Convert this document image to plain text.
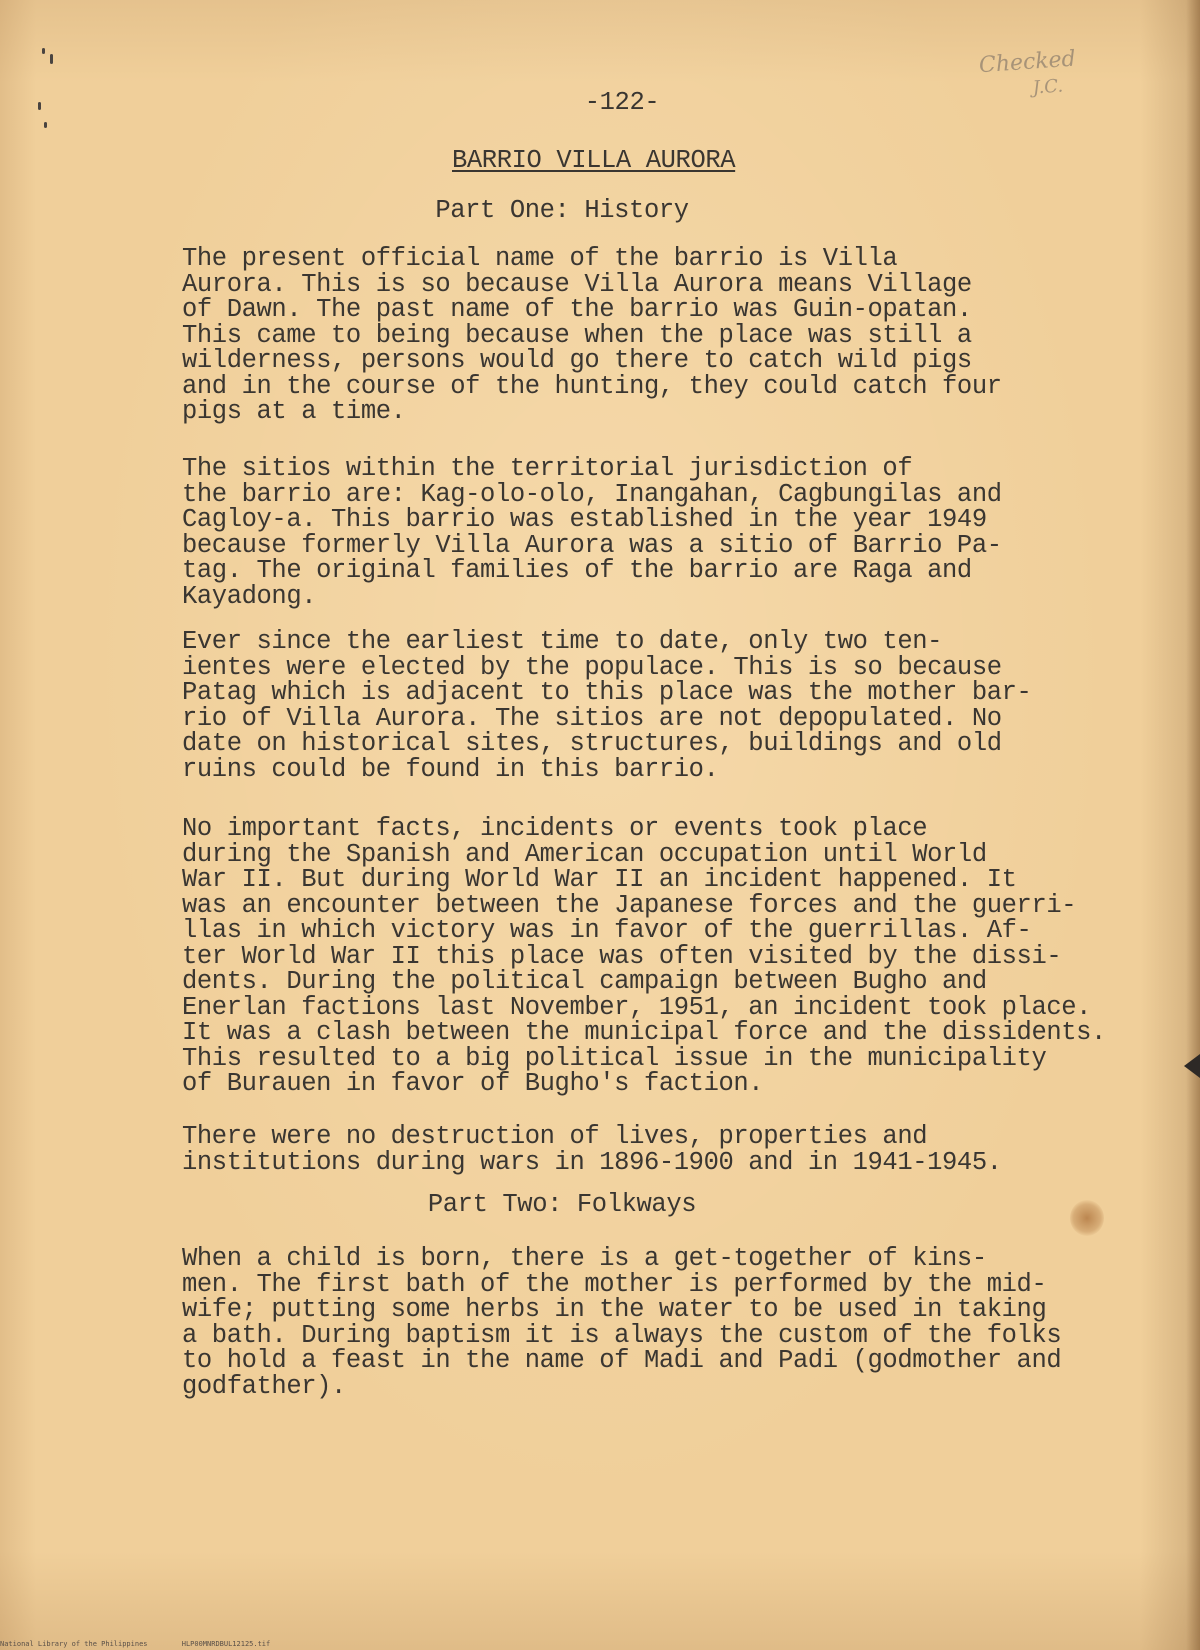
Checked
J.C.
-122-
BARRIO VILLA AURORA
Part One: History

The present official name of the barrio is Villa
Aurora. This is so because Villa Aurora means Village
of Dawn. The past name of the barrio was Guin-opatan.
This came to being because when the place was still a
wilderness, persons would go there to catch wild pigs
and in the course of the hunting, they could catch four
pigs at a time.

The sitios within the territorial jurisdiction of
the barrio are: Kag-olo-olo, Inangahan, Cagbungilas and
Cagloy-a. This barrio was established in the year 1949
because formerly Villa Aurora was a sitio of Barrio Pa-
tag. The original families of the barrio are Raga and
Kayadong.

Ever since the earliest time to date, only two ten-
ientes were elected by the populace. This is so because
Patag which is adjacent to this place was the mother bar-
rio of Villa Aurora. The sitios are not depopulated. No
date on historical sites, structures, buildings and old
ruins could be found in this barrio.

No important facts, incidents or events took place
during the Spanish and American occupation until World
War II. But during World War II an incident happened. It
was an encounter between the Japanese forces and the guerri-
llas in which victory was in favor of the guerrillas. Af-
ter World War II this place was often visited by the dissi-
dents. During the political campaign between Bugho and
Enerlan factions last November, 1951, an incident took place.
It was a clash between the municipal force and the dissidents.
This resulted to a big political issue in the municipality
of Burauen in favor of Bugho's faction.

There were no destruction of lives, properties and
institutions during wars in 1896-1900 and in 1941-1945.

Part Two: Folkways

When a child is born, there is a get-together of kins-
men. The first bath of the mother is performed by the mid-
wife; putting some herbs in the water to be used in taking
a bath. During baptism it is always the custom of the folks
to hold a feast in the name of Madi and Padi (godmother and
godfather).

National Library of the Philippines	HLP00MNRDBUL12125.tif
